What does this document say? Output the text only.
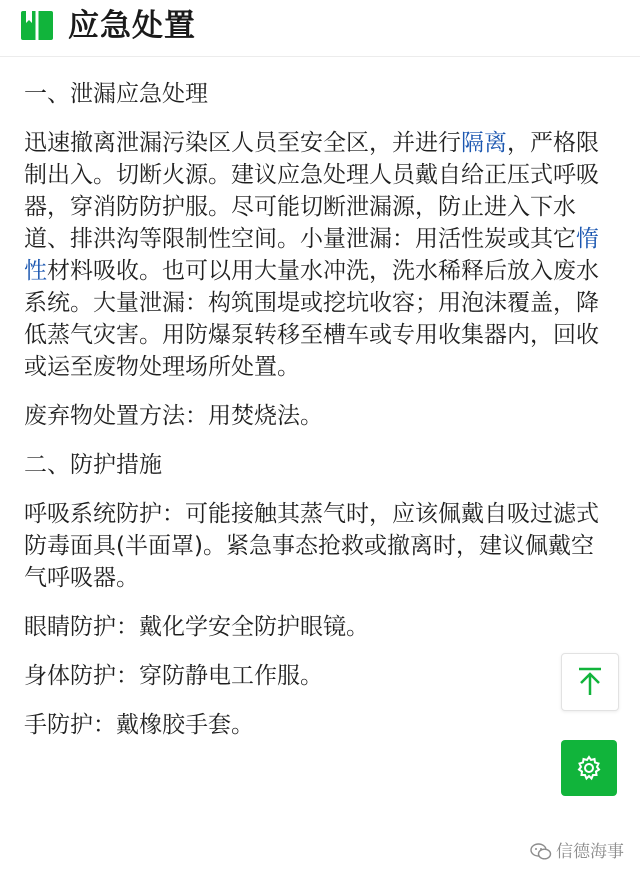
应急处置

一、泄漏应急处理

迅速撤离泄漏污染区人员至安全区，并进行隔离，严格限制出入。切断火源。建议应急处理人员戴自给正压式呼吸器，穿消防防护服。尽可能切断泄漏源，防止进入下水道、排洪沟等限制性空间。小量泄漏：用活性炭或其它惰性材料吸收。也可以用大量水冲洗，洗水稀释后放入废水系统。大量泄漏：构筑围堤或挖坑收容；用泡沫覆盖，降低蒸气灾害。用防爆泵转移至槽车或专用收集器内，回收或运至废物处理场所处置。

废弃物处置方法：用焚烧法。

二、防护措施

呼吸系统防护：可能接触其蒸气时，应该佩戴自吸过滤式防毒面具(半面罩)。紧急事态抢救或撤离时，建议佩戴空气呼吸器。

眼睛防护：戴化学安全防护眼镜。

身体防护：穿防静电工作服。

手防护：戴橡胶手套。

信德海事
